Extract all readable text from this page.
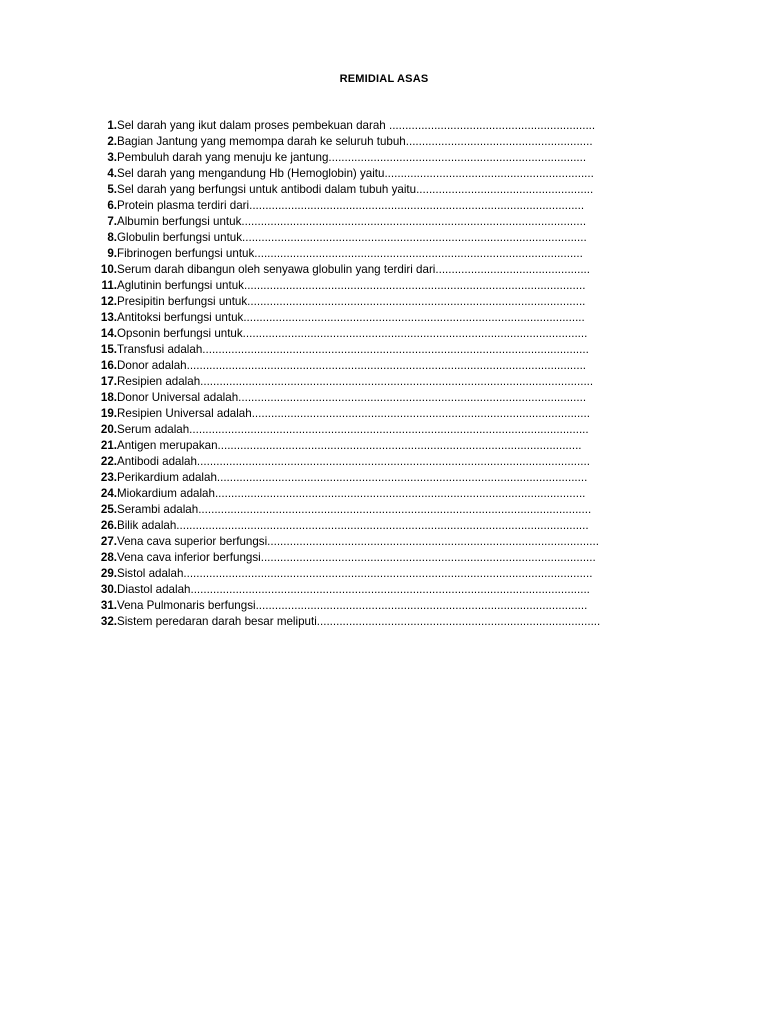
REMIDIAL ASAS
1. Sel darah yang ikut dalam proses pembekuan darah ................................................................
2. Bagian Jantung yang memompa darah ke seluruh tubuh..........................................................
3. Pembuluh darah yang menuju ke jantung................................................................................
4. Sel darah yang mengandung Hb (Hemoglobin) yaitu.................................................................
5. Sel darah yang berfungsi untuk antibodi dalam tubuh yaitu.......................................................
6. Protein plasma terdiri dari........................................................................................................
7. Albumin berfungsi untuk...........................................................................................................
8. Globulin berfungsi untuk...........................................................................................................
9. Fibrinogen berfungsi untuk......................................................................................................
10. Serum darah dibangun oleh senyawa globulin yang terdiri dari................................................
11. Aglutinin berfungsi untuk..........................................................................................................
12. Presipitin berfungsi untuk.........................................................................................................
13. Antitoksi berfungsi untuk..........................................................................................................
14. Opsonin berfungsi untuk...........................................................................................................
15. Transfusi adalah........................................................................................................................
16. Donor adalah............................................................................................................................
17. Resipien adalah..........................................................................................................................
18. Donor Universal adalah............................................................................................................
19. Resipien Universal adalah.........................................................................................................
20. Serum adalah............................................................................................................................
21. Antigen merupakan.................................................................................................................
22. Antibodi adalah..........................................................................................................................
23. Perikardium adalah...................................................................................................................
24. Miokardium adalah...................................................................................................................
25. Serambi adalah..........................................................................................................................
26. Bilik adalah................................................................................................................................
27. Vena cava superior berfungsi.......................................................................................................
28. Vena cava inferior berfungsi........................................................................................................
29. Sistol adalah...............................................................................................................................
30. Diastol adalah............................................................................................................................
31. Vena Pulmonaris berfungsi.......................................................................................................
32. Sistem peredaran darah besar meliputi........................................................................................
